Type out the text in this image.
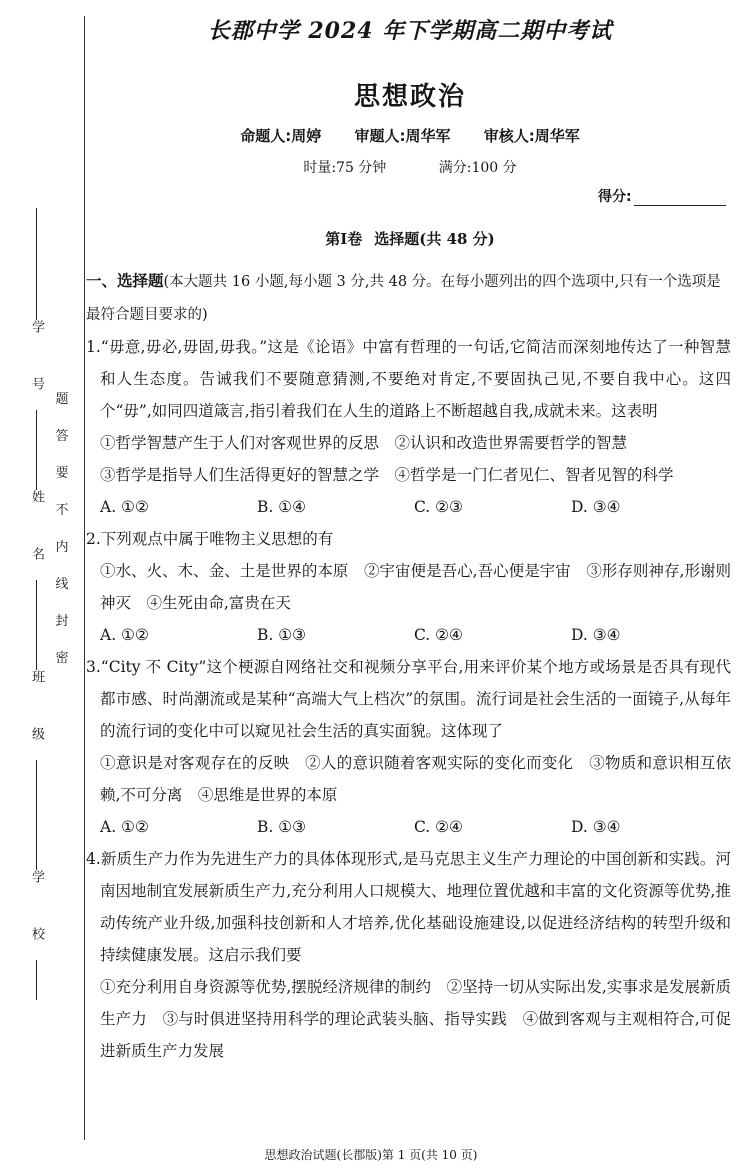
学 号
姓 名
班 级
学 校
题
答
要
不
内
线
封
密
长郡中学 2024 年下学期高二期中考试
思想政治
命题人:周婷 审题人:周华军 审核人:周华军
时量:75 分钟	满分:100 分
得分:
第Ⅰ卷 选择题(共 48 分)

一、选择题(本大题共 16 小题,每小题 3 分,共 48 分。在每小题列出的四个选项中,只有一个选项是最符合题目要求的)

1.“毋意,毋必,毋固,毋我。”这是《论语》中富有哲理的一句话,它简洁而深刻地传达了一种智慧和人生态度。告诫我们不要随意猜测,不要绝对肯定,不要固执己见,不要自我中心。这四个“毋”,如同四道箴言,指引着我们在人生的道路上不断超越自我,成就未来。这表明

①哲学智慧产生于人们对客观世界的反思　②认识和改造世界需要哲学的智慧

③哲学是指导人们生活得更好的智慧之学　④哲学是一门仁者见仁、智者见智的科学

A. ①②	B. ①④	C. ②③	D. ③④

2.下列观点中属于唯物主义思想的有

①水、火、木、金、土是世界的本原　②宇宙便是吾心,吾心便是宇宙　③形存则神存,形谢则神灭　④生死由命,富贵在天

A. ①②	B. ①③	C. ②④	D. ③④

3.“City 不 City”这个梗源自网络社交和视频分享平台,用来评价某个地方或场景是否具有现代都市感、时尚潮流或是某种“高端大气上档次”的氛围。流行词是社会生活的一面镜子,从每年的流行词的变化中可以窥见社会生活的真实面貌。这体现了

①意识是对客观存在的反映　②人的意识随着客观实际的变化而变化　③物质和意识相互依赖,不可分离　④思维是世界的本原

A. ①②	B. ①③	C. ②④	D. ③④

4.新质生产力作为先进生产力的具体体现形式,是马克思主义生产力理论的中国创新和实践。河南因地制宜发展新质生产力,充分利用人口规模大、地理位置优越和丰富的文化资源等优势,推动传统产业升级,加强科技创新和人才培养,优化基础设施建设,以促进经济结构的转型升级和持续健康发展。这启示我们要

①充分利用自身资源等优势,摆脱经济规律的制约　②坚持一切从实际出发,实事求是发展新质生产力　③与时俱进坚持用科学的理论武装头脑、指导实践　④做到客观与主观相符合,可促进新质生产力发展

思想政治试题(长郡版)第 1 页(共 10 页)
